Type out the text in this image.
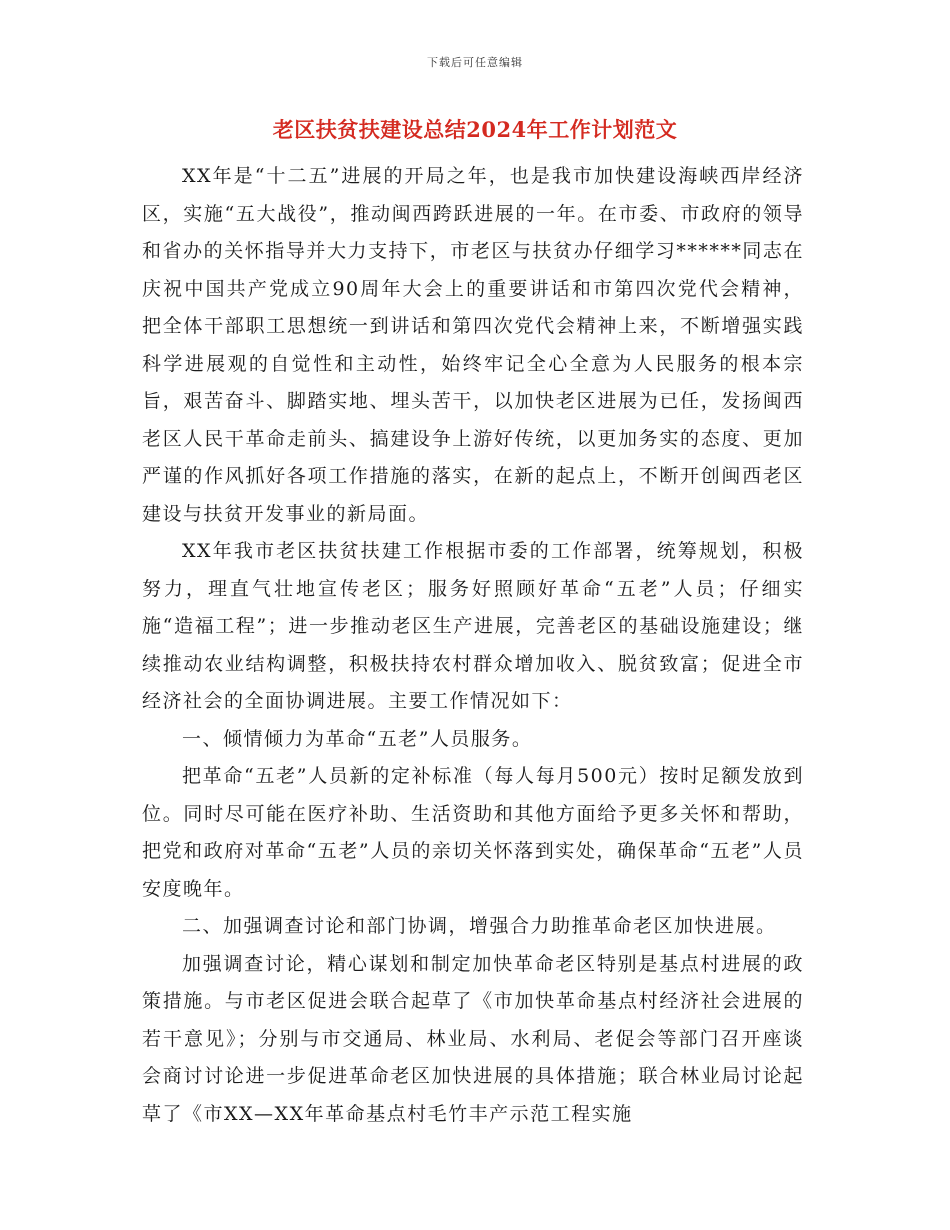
下载后可任意编辑
老区扶贫扶建设总结2024年工作计划范文

XX年是“十二五”进展的开局之年，也是我市加快建设海峡西岸经济区，实施“五大战役”，推动闽西跨跃进展的一年。在市委、市政府的领导和省办的关怀指导并大力支持下，市老区与扶贫办仔细学习******同志在庆祝中国共产党成立90周年大会上的重要讲话和市第四次党代会精神，把全体干部职工思想统一到讲话和第四次党代会精神上来，不断增强实践科学进展观的自觉性和主动性，始终牢记全心全意为人民服务的根本宗旨，艰苦奋斗、脚踏实地、埋头苦干，以加快老区进展为已任，发扬闽西老区人民干革命走前头、搞建设争上游好传统，以更加务实的态度、更加严谨的作风抓好各项工作措施的落实，在新的起点上，不断开创闽西老区建设与扶贫开发事业的新局面。

XX年我市老区扶贫扶建工作根据市委的工作部署，统筹规划，积极努力，理直气壮地宣传老区；服务好照顾好革命“五老”人员；仔细实施“造福工程”；进一步推动老区生产进展，完善老区的基础设施建设；继续推动农业结构调整，积极扶持农村群众增加收入、脱贫致富；促进全市经济社会的全面协调进展。主要工作情况如下：

一、倾情倾力为革命“五老”人员服务。

把革命“五老”人员新的定补标准（每人每月500元）按时足额发放到位。同时尽可能在医疗补助、生活资助和其他方面给予更多关怀和帮助，把党和政府对革命“五老”人员的亲切关怀落到实处，确保革命“五老”人员安度晚年。

二、加强调查讨论和部门协调，增强合力助推革命老区加快进展。

加强调查讨论，精心谋划和制定加快革命老区特别是基点村进展的政策措施。与市老区促进会联合起草了《市加快革命基点村经济社会进展的若干意见》；分别与市交通局、林业局、水利局、老促会等部门召开座谈会商讨讨论进一步促进革命老区加快进展的具体措施；联合林业局讨论起草了《市XX—XX年革命基点村毛竹丰产示范工程实施
